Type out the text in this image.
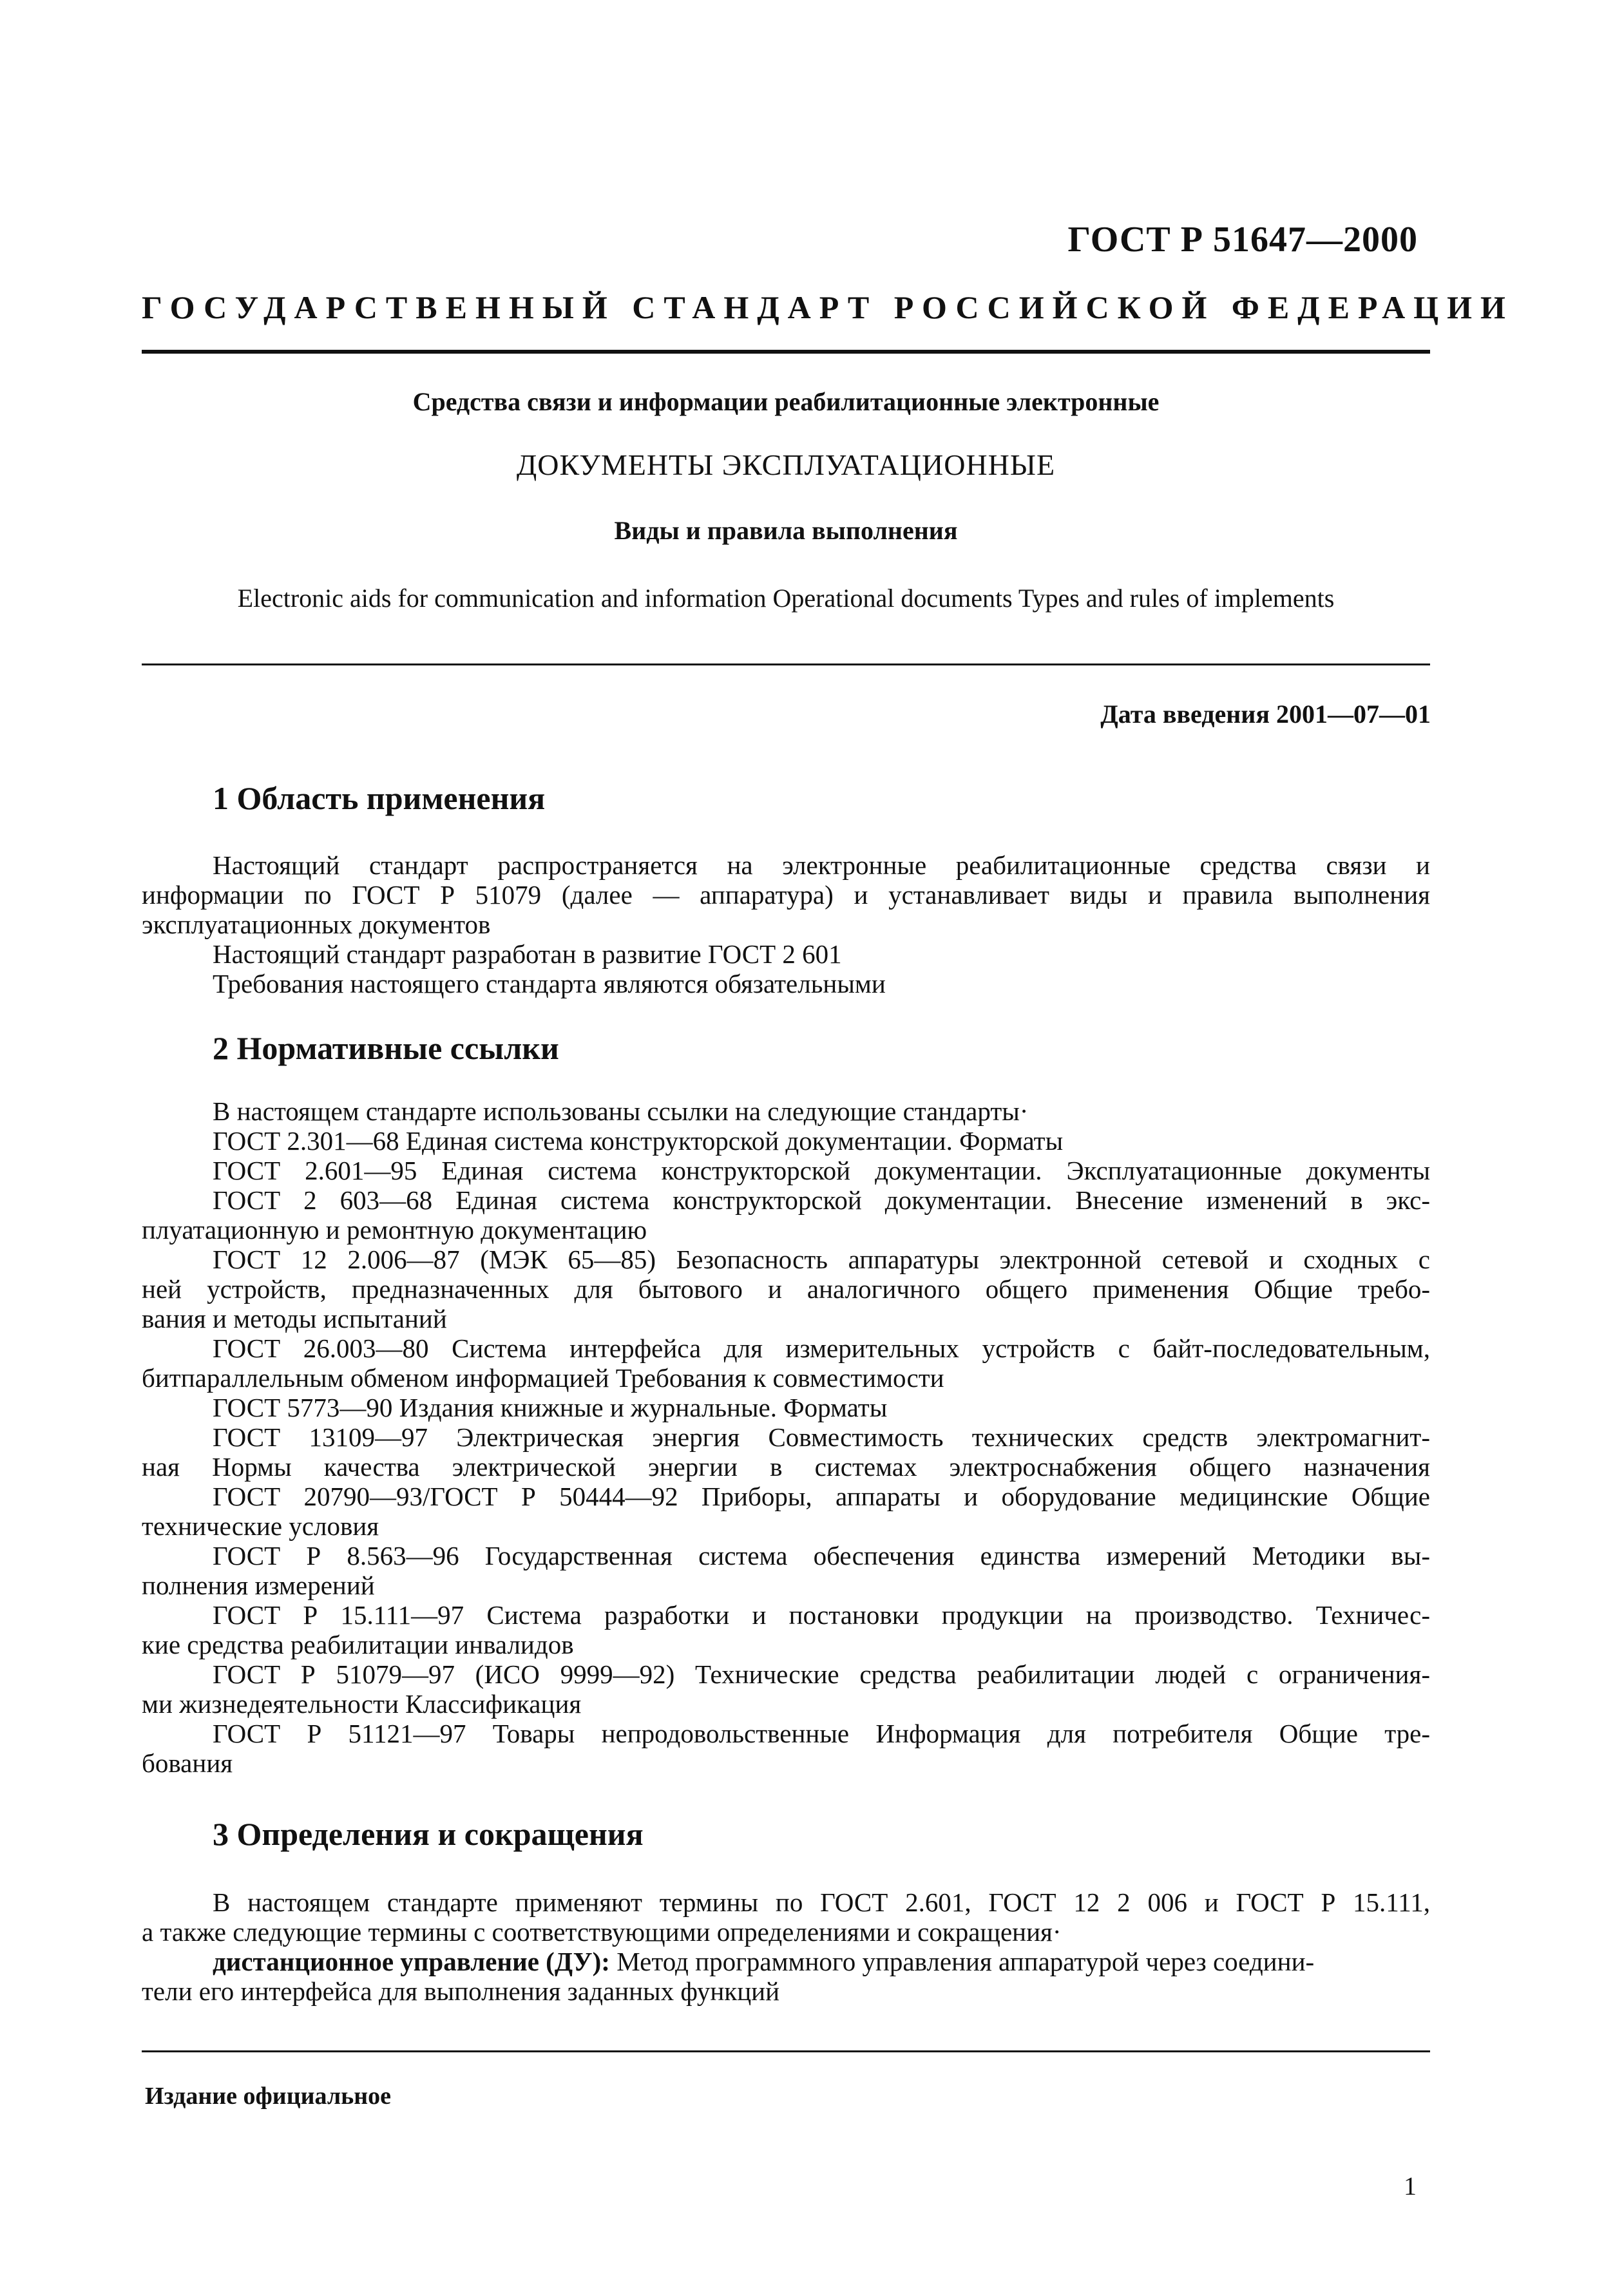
ГОСТ Р 51647—2000
ГОСУДАРСТВЕННЫЙ СТАНДАРТ РОССИЙСКОЙ ФЕДЕРАЦИИ
Средства связи и информации реабилитационные электронные
ДОКУМЕНТЫ ЭКСПЛУАТАЦИОННЫЕ
Виды и правила выполнения
Electronic aids for communication and information Operational documents Types and rules of implements
Дата введения 2001—07—01
1 Область применения
Настоящий стандарт распространяется на электронные реабилитационные средства связи и
информации по ГОСТ Р 51079 (далее — аппаратура) и устанавливает виды и правила выполнения
эксплуатационных документов
Настоящий стандарт разработан в развитие ГОСТ 2 601
Требования настоящего стандарта являются обязательными
2 Нормативные ссылки
В настоящем стандарте использованы ссылки на следующие стандарты·
ГОСТ 2.301—68 Единая система конструкторской документации. Форматы
ГОСТ 2.601—95 Единая система конструкторской документации. Эксплуатационные документы
ГОСТ 2 603—68 Единая система конструкторской документации. Внесение изменений в экс-
плуатационную и ремонтную документацию
ГОСТ 12 2.006—87 (МЭК 65—85) Безопасность аппаратуры электронной сетевой и сходных с
ней устройств, предназначенных для бытового и аналогичного общего применения Общие требо-
вания и методы испытаний
ГОСТ 26.003—80 Система интерфейса для измерительных устройств с байт-последовательным,
битпараллельным обменом информацией Требования к совместимости
ГОСТ 5773—90 Издания книжные и журнальные. Форматы
ГОСТ 13109—97 Электрическая энергия Совместимость технических средств электромагнит-
ная Нормы качества электрической энергии в системах электроснабжения общего назначения
ГОСТ 20790—93/ГОСТ Р 50444—92 Приборы, аппараты и оборудование медицинские Общие
технические условия
ГОСТ Р 8.563—96 Государственная система обеспечения единства измерений Методики вы-
полнения измерений
ГОСТ Р 15.111—97 Система разработки и постановки продукции на производство. Техничес-
кие средства реабилитации инвалидов
ГОСТ Р 51079—97 (ИСО 9999—92) Технические средства реабилитации людей с ограничения-
ми жизнедеятельности Классификация
ГОСТ Р 51121—97 Товары непродовольственные Информация для потребителя Общие тре-
бования
3 Определения и сокращения
В настоящем стандарте применяют термины по ГОСТ 2.601, ГОСТ 12 2 006 и ГОСТ Р 15.111,
а также следующие термины с соответствующими определениями и сокращения·
дистанционное управление (ДУ): Метод программного управления аппаратурой через соедини-
тели его интерфейса для выполнения заданных функций
Издание официальное
1
